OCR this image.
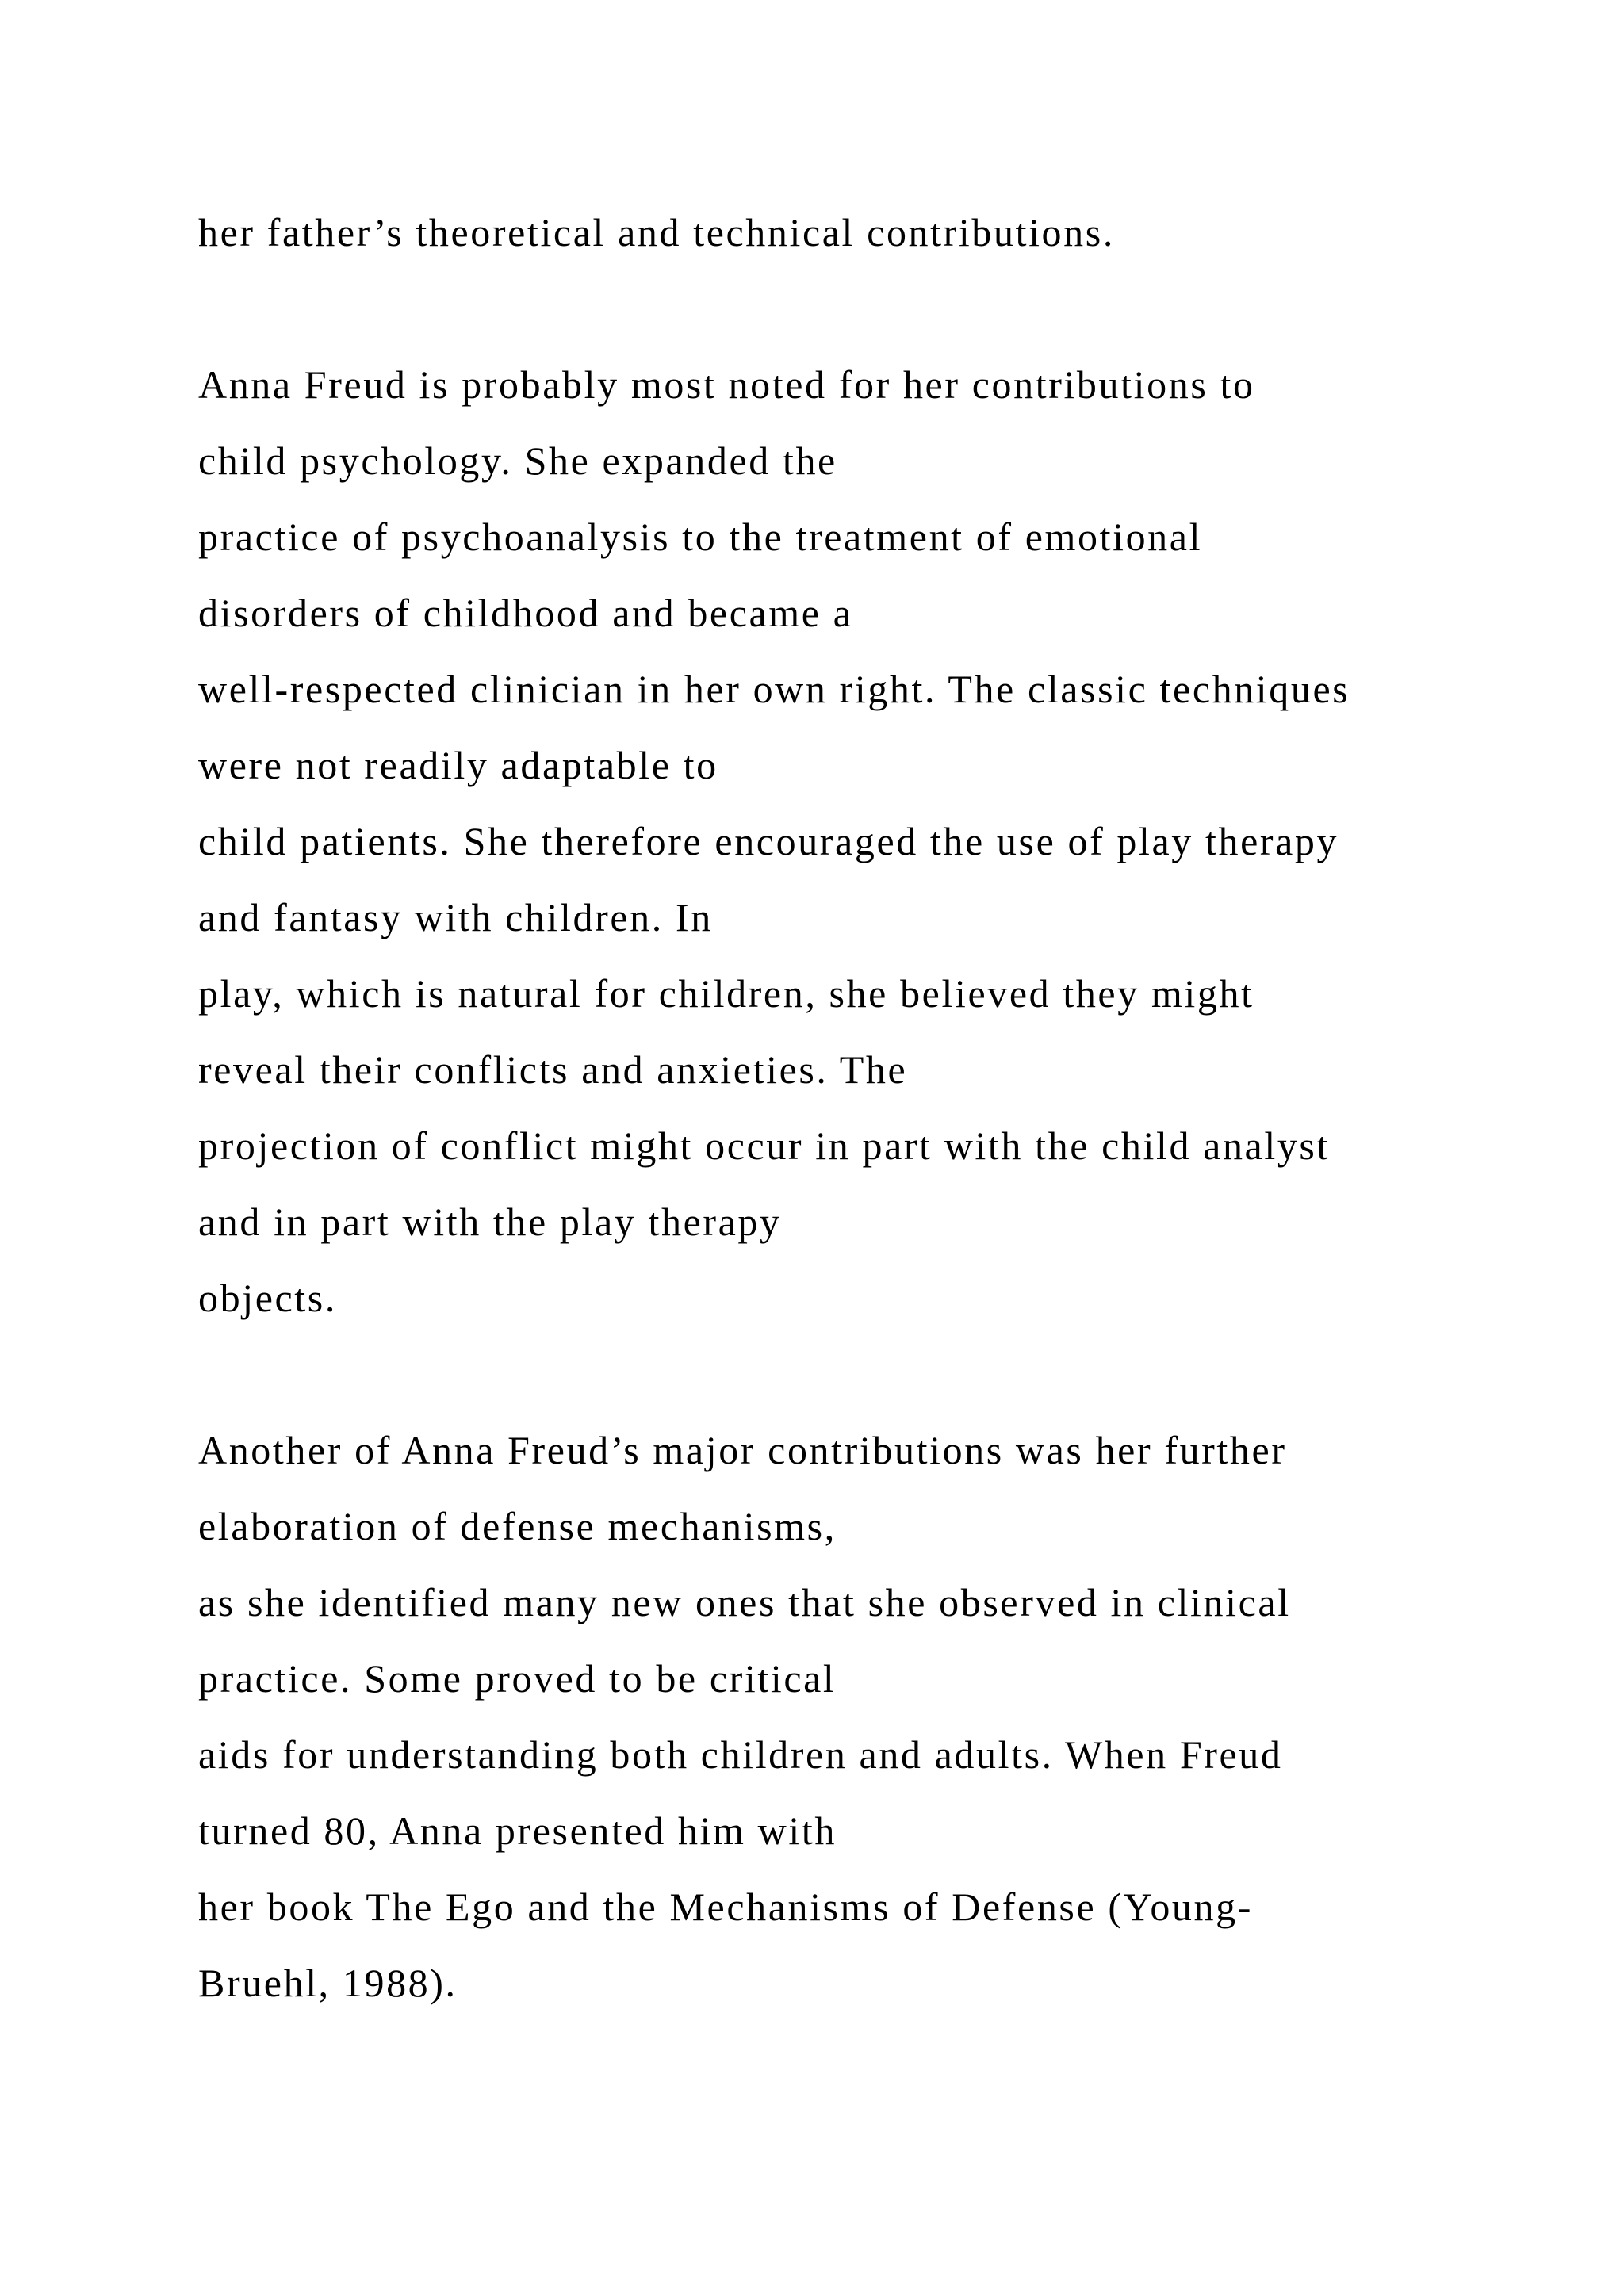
her father’s theoretical and technical contributions.
Anna Freud is probably most noted for her contributions to
child psychology. She expanded the
practice of psychoanalysis to the treatment of emotional
disorders of childhood and became a
well-respected clinician in her own right. The classic techniques
were not readily adaptable to
child patients. She therefore encouraged the use of play therapy
and fantasy with children. In
play, which is natural for children, she believed they might
reveal their conflicts and anxieties. The
projection of conflict might occur in part with the child analyst
and in part with the play therapy
objects.
Another of Anna Freud’s major contributions was her further
elaboration of defense mechanisms,
as she identified many new ones that she observed in clinical
practice. Some proved to be critical
aids for understanding both children and adults. When Freud
turned 80, Anna presented him with
her book The Ego and the Mechanisms of Defense (Young-
Bruehl, 1988).
